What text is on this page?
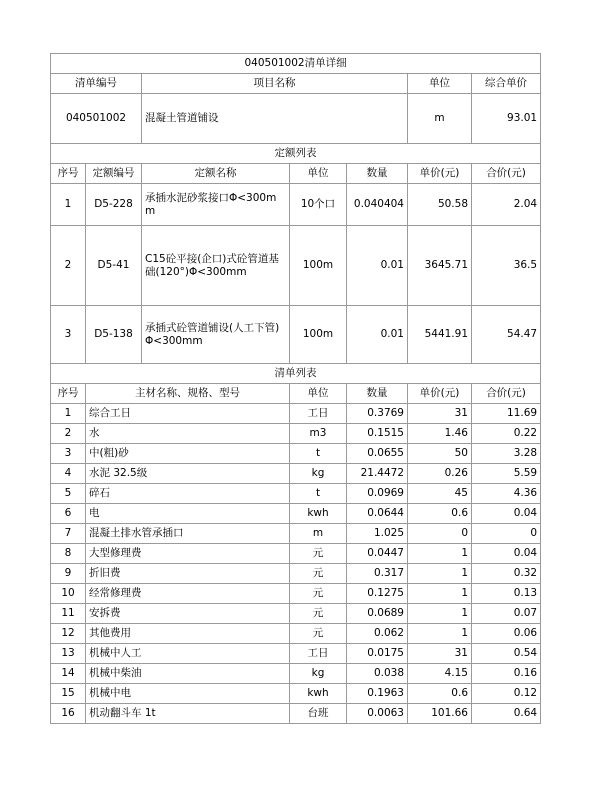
040501002清单详细						
清单编号		项目名称			单位	综合单价
040501002		混凝土管道铺设			m	93.01
定额列表						
序号	定额编号	定额名称	单位	数量	单价(元)	合价(元)
1	D5-228	承插水泥砂浆接口Φ<300mm	10个口	0.040404	50.58	2.04
2	D5-41	C15砼平接(企口)式砼管道基础(120°)Φ<300mm	100m	0.01	3645.71	36.5
3	D5-138	承插式砼管道铺设(人工下管)Φ<300mm	100m	0.01	5441.91	54.47
清单列表						
序号	主材名称、规格、型号		单位	数量	单价(元)	合价(元)
1	综合工日		工日	0.3769	31	11.69
2	水		m3	0.1515	1.46	0.22
3	中(粗)砂		t	0.0655	50	3.28
4	水泥 32.5级		kg	21.4472	0.26	5.59
5	碎石		t	0.0969	45	4.36
6	电		kwh	0.0644	0.6	0.04
7	混凝土排水管承插口		m	1.025	0	0
8	大型修理费		元	0.0447	1	0.04
9	折旧费		元	0.317	1	0.32
10	经常修理费		元	0.1275	1	0.13
11	安拆费		元	0.0689	1	0.07
12	其他费用		元	0.062	1	0.06
13	机械中人工		工日	0.0175	31	0.54
14	机械中柴油		kg	0.038	4.15	0.16
15	机械中电		kwh	0.1963	0.6	0.12
16	机动翻斗车 1t		台班	0.0063	101.66	0.64
